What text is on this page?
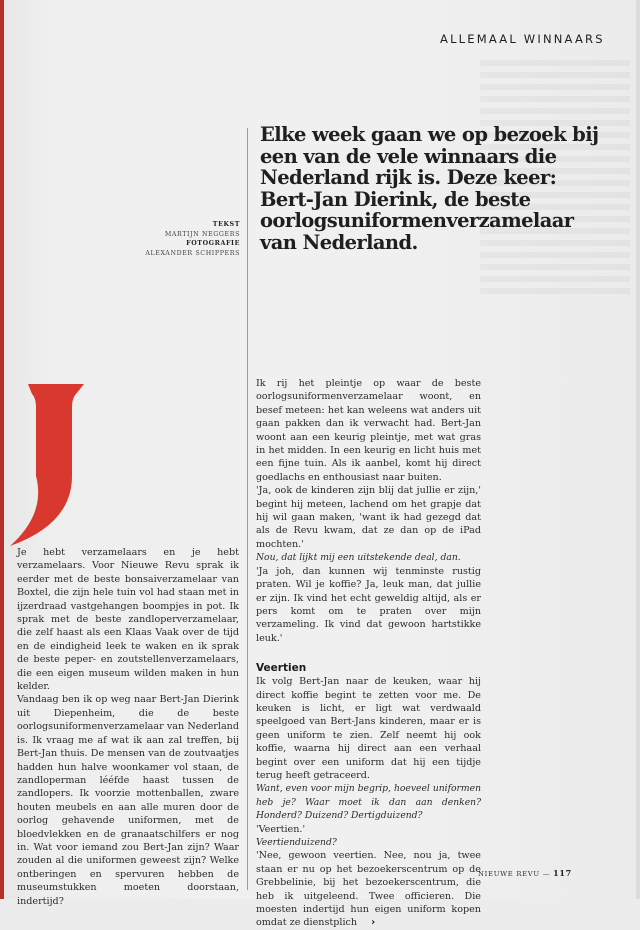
ALLEMAAL WINNAARS
TEKST
MARTIJN NEGGERS
FOTOGRAFIE
ALEXANDER SCHIPPERS
Elke week gaan we op bezoek bij een van de vele winnaars die Nederland rijk is. Deze keer: Bert-Jan Dierink, de beste oorlogsuniformenverzamelaar van Nederland.

Je hebt verzamelaars en je hebt verzamelaars. Voor Nieuwe Revu sprak ik eerder met de beste bonsaiverzamelaar van Boxtel, die zijn hele tuin vol had staan met in ijzerdraad vastgehangen boompjes in pot. Ik sprak met de beste zandloperverzamelaar, die zelf haast als een Klaas Vaak over de tijd en de eindigheid leek te waken en ik sprak de beste peper- en zoutstellenverzamelaars, die een eigen museum wilden maken in hun kelder.

Vandaag ben ik op weg naar Bert-Jan Dierink uit Diepenheim, die de beste oorlogsuniformenverzamelaar van Nederland is. Ik vraag me af wat ik aan zal treffen, bij Bert-Jan thuis. De mensen van de zoutvaatjes hadden hun halve woonkamer vol staan, de zandloperman lééfde haast tussen de zandlopers. Ik voorzie mottenballen, zware houten meubels en aan alle muren door de oorlog gehavende uniformen, met de bloedvlekken en de granaatschilfers er nog in. Wat voor iemand zou Bert-Jan zijn? Waar zouden al die uniformen geweest zijn? Welke ontberingen en spervuren hebben de museumstukken moeten doorstaan, indertijd?

Ik rij het pleintje op waar de beste oorlogsuniformenverzamelaar woont, en besef meteen: het kan weleens wat anders uit gaan pakken dan ik verwacht had. Bert-Jan woont aan een keurig pleintje, met wat gras in het midden. In een keurig en licht huis met een fijne tuin. Als ik aanbel, komt hij direct goedlachs en enthousiast naar buiten.

'Ja, ook de kinderen zijn blij dat jullie er zijn,' begint hij meteen, lachend om het grapje dat hij wil gaan maken, 'want ik had gezegd dat als de Revu kwam, dat ze dan op de iPad mochten.'

Nou, dat lijkt mij een uitstekende deal, dan.

'Ja joh, dan kunnen wij tenminste rustig praten. Wil je koffie? Ja, leuk man, dat jullie er zijn. Ik vind het echt geweldig altijd, als er pers komt om te praten over mijn verzameling. Ik vind dat gewoon hartstikke leuk.'

Veertien

Ik volg Bert-Jan naar de keuken, waar hij direct koffie begint te zetten voor me. De keuken is licht, er ligt wat verdwaald speelgoed van Bert-Jans kinderen, maar er is geen uniform te zien. Zelf neemt hij ook koffie, waarna hij direct aan een verhaal begint over een uniform dat hij een tijdje terug heeft getraceerd.

Want, even voor mijn begrip, hoeveel uniformen heb je? Waar moet ik dan aan denken? Honderd? Duizend? Dertigduizend?

'Veertien.'

Veertienduizend?

'Nee, gewoon veertien. Nee, nou ja, twee staan er nu op het bezoekerscentrum op de Grebbelinie, bij het bezoekerscentrum, die heb ik uitgeleend. Twee officieren. Die moesten indertijd hun eigen uniform kopen omdat ze dienstplich ›

NIEUWE REVU — 117
